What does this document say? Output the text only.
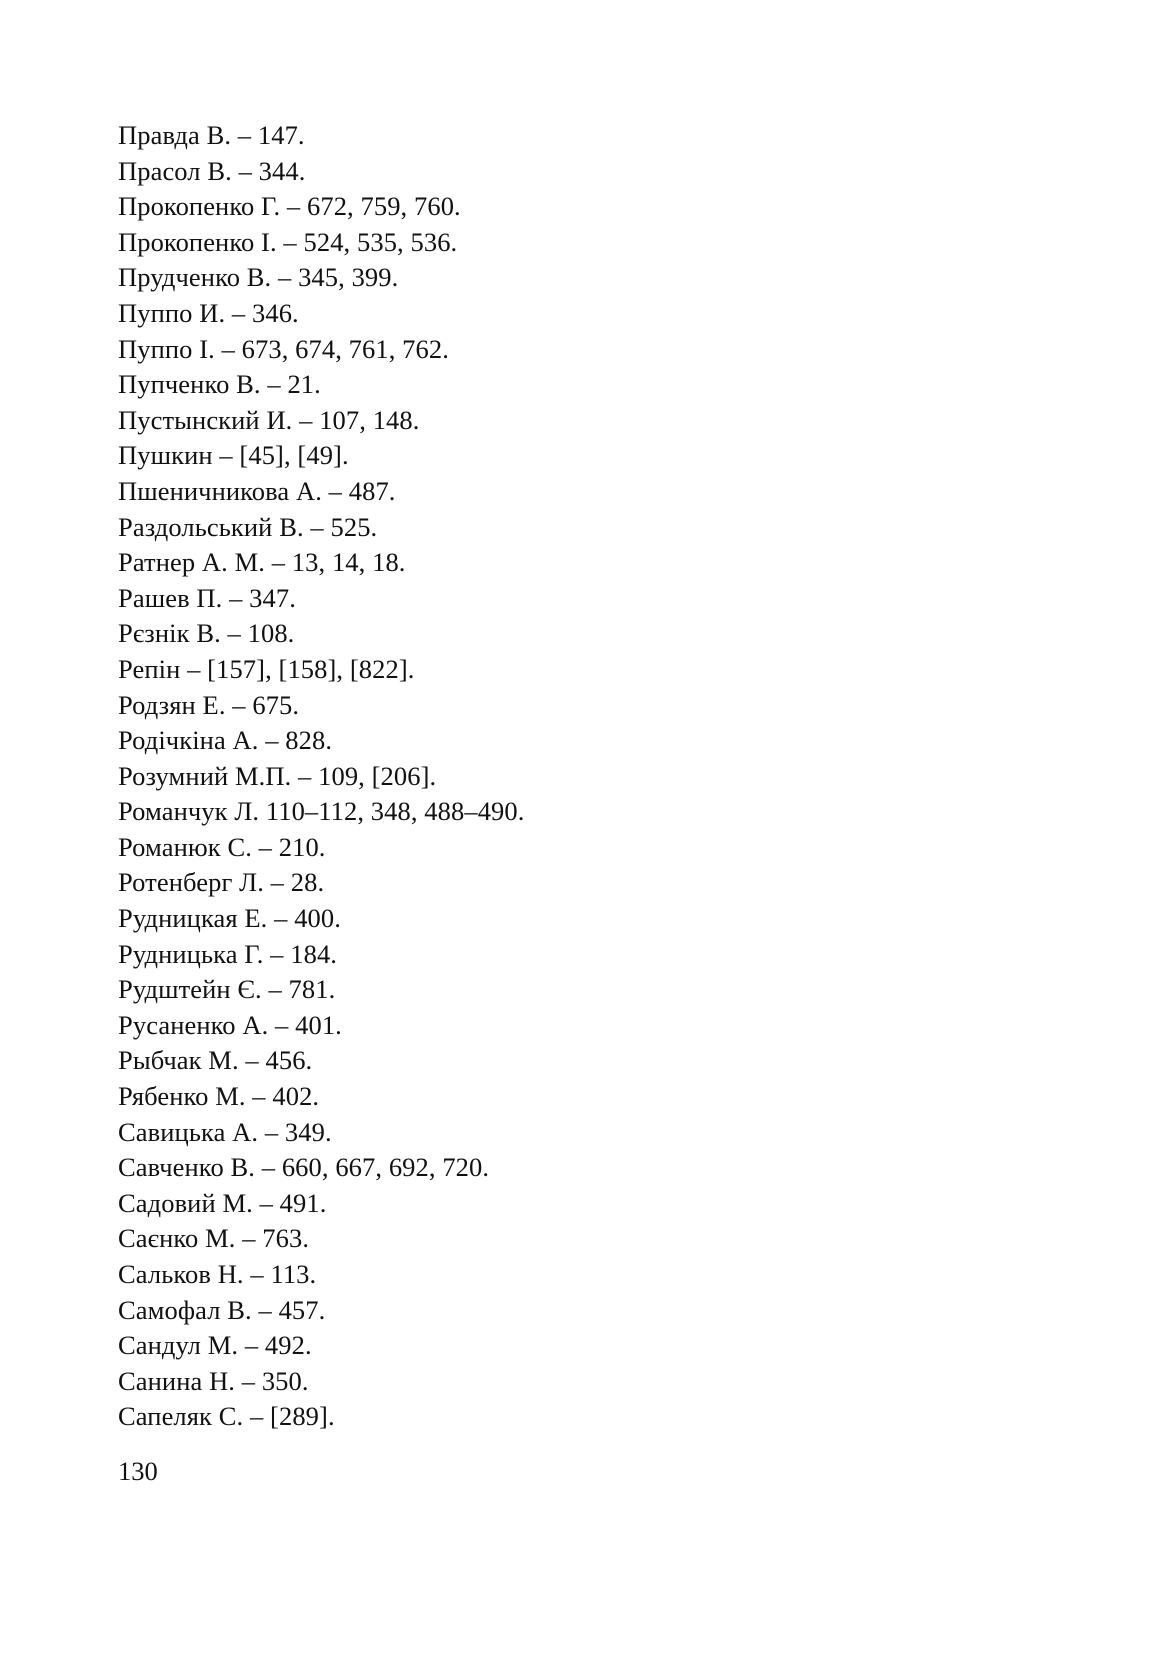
Правда В. – 147.
Прасол В. – 344.
Прокопенко Г. – 672, 759, 760.
Прокопенко І. – 524, 535, 536.
Прудченко В. – 345, 399.
Пуппо И. – 346.
Пуппо І. – 673, 674, 761, 762.
Пупченко В. – 21.
Пустынский И. – 107, 148.
Пушкин – [45], [49].
Пшеничникова А. – 487.
Раздольський В. – 525.
Ратнер А. М. – 13, 14, 18.
Рашев П. – 347.
Рєзнік В. – 108.
Репін – [157], [158], [822].
Родзян Е. – 675.
Родічкіна А. – 828.
Розумний М.П. – 109, [206].
Романчук Л. 110–112, 348, 488–490.
Романюк С. – 210.
Ротенберг Л. – 28.
Рудницкая Е. – 400.
Рудницька Г. – 184.
Рудштейн Є. – 781.
Русаненко А. – 401.
Рыбчак М. – 456.
Рябенко М. – 402.
Савицька А. – 349.
Савченко В. – 660, 667, 692, 720.
Садовий М. – 491.
Саєнко М. – 763.
Сальков Н. – 113.
Самофал В. – 457.
Сандул М. – 492.
Санина Н. – 350.
Сапеляк С. – [289].
130
